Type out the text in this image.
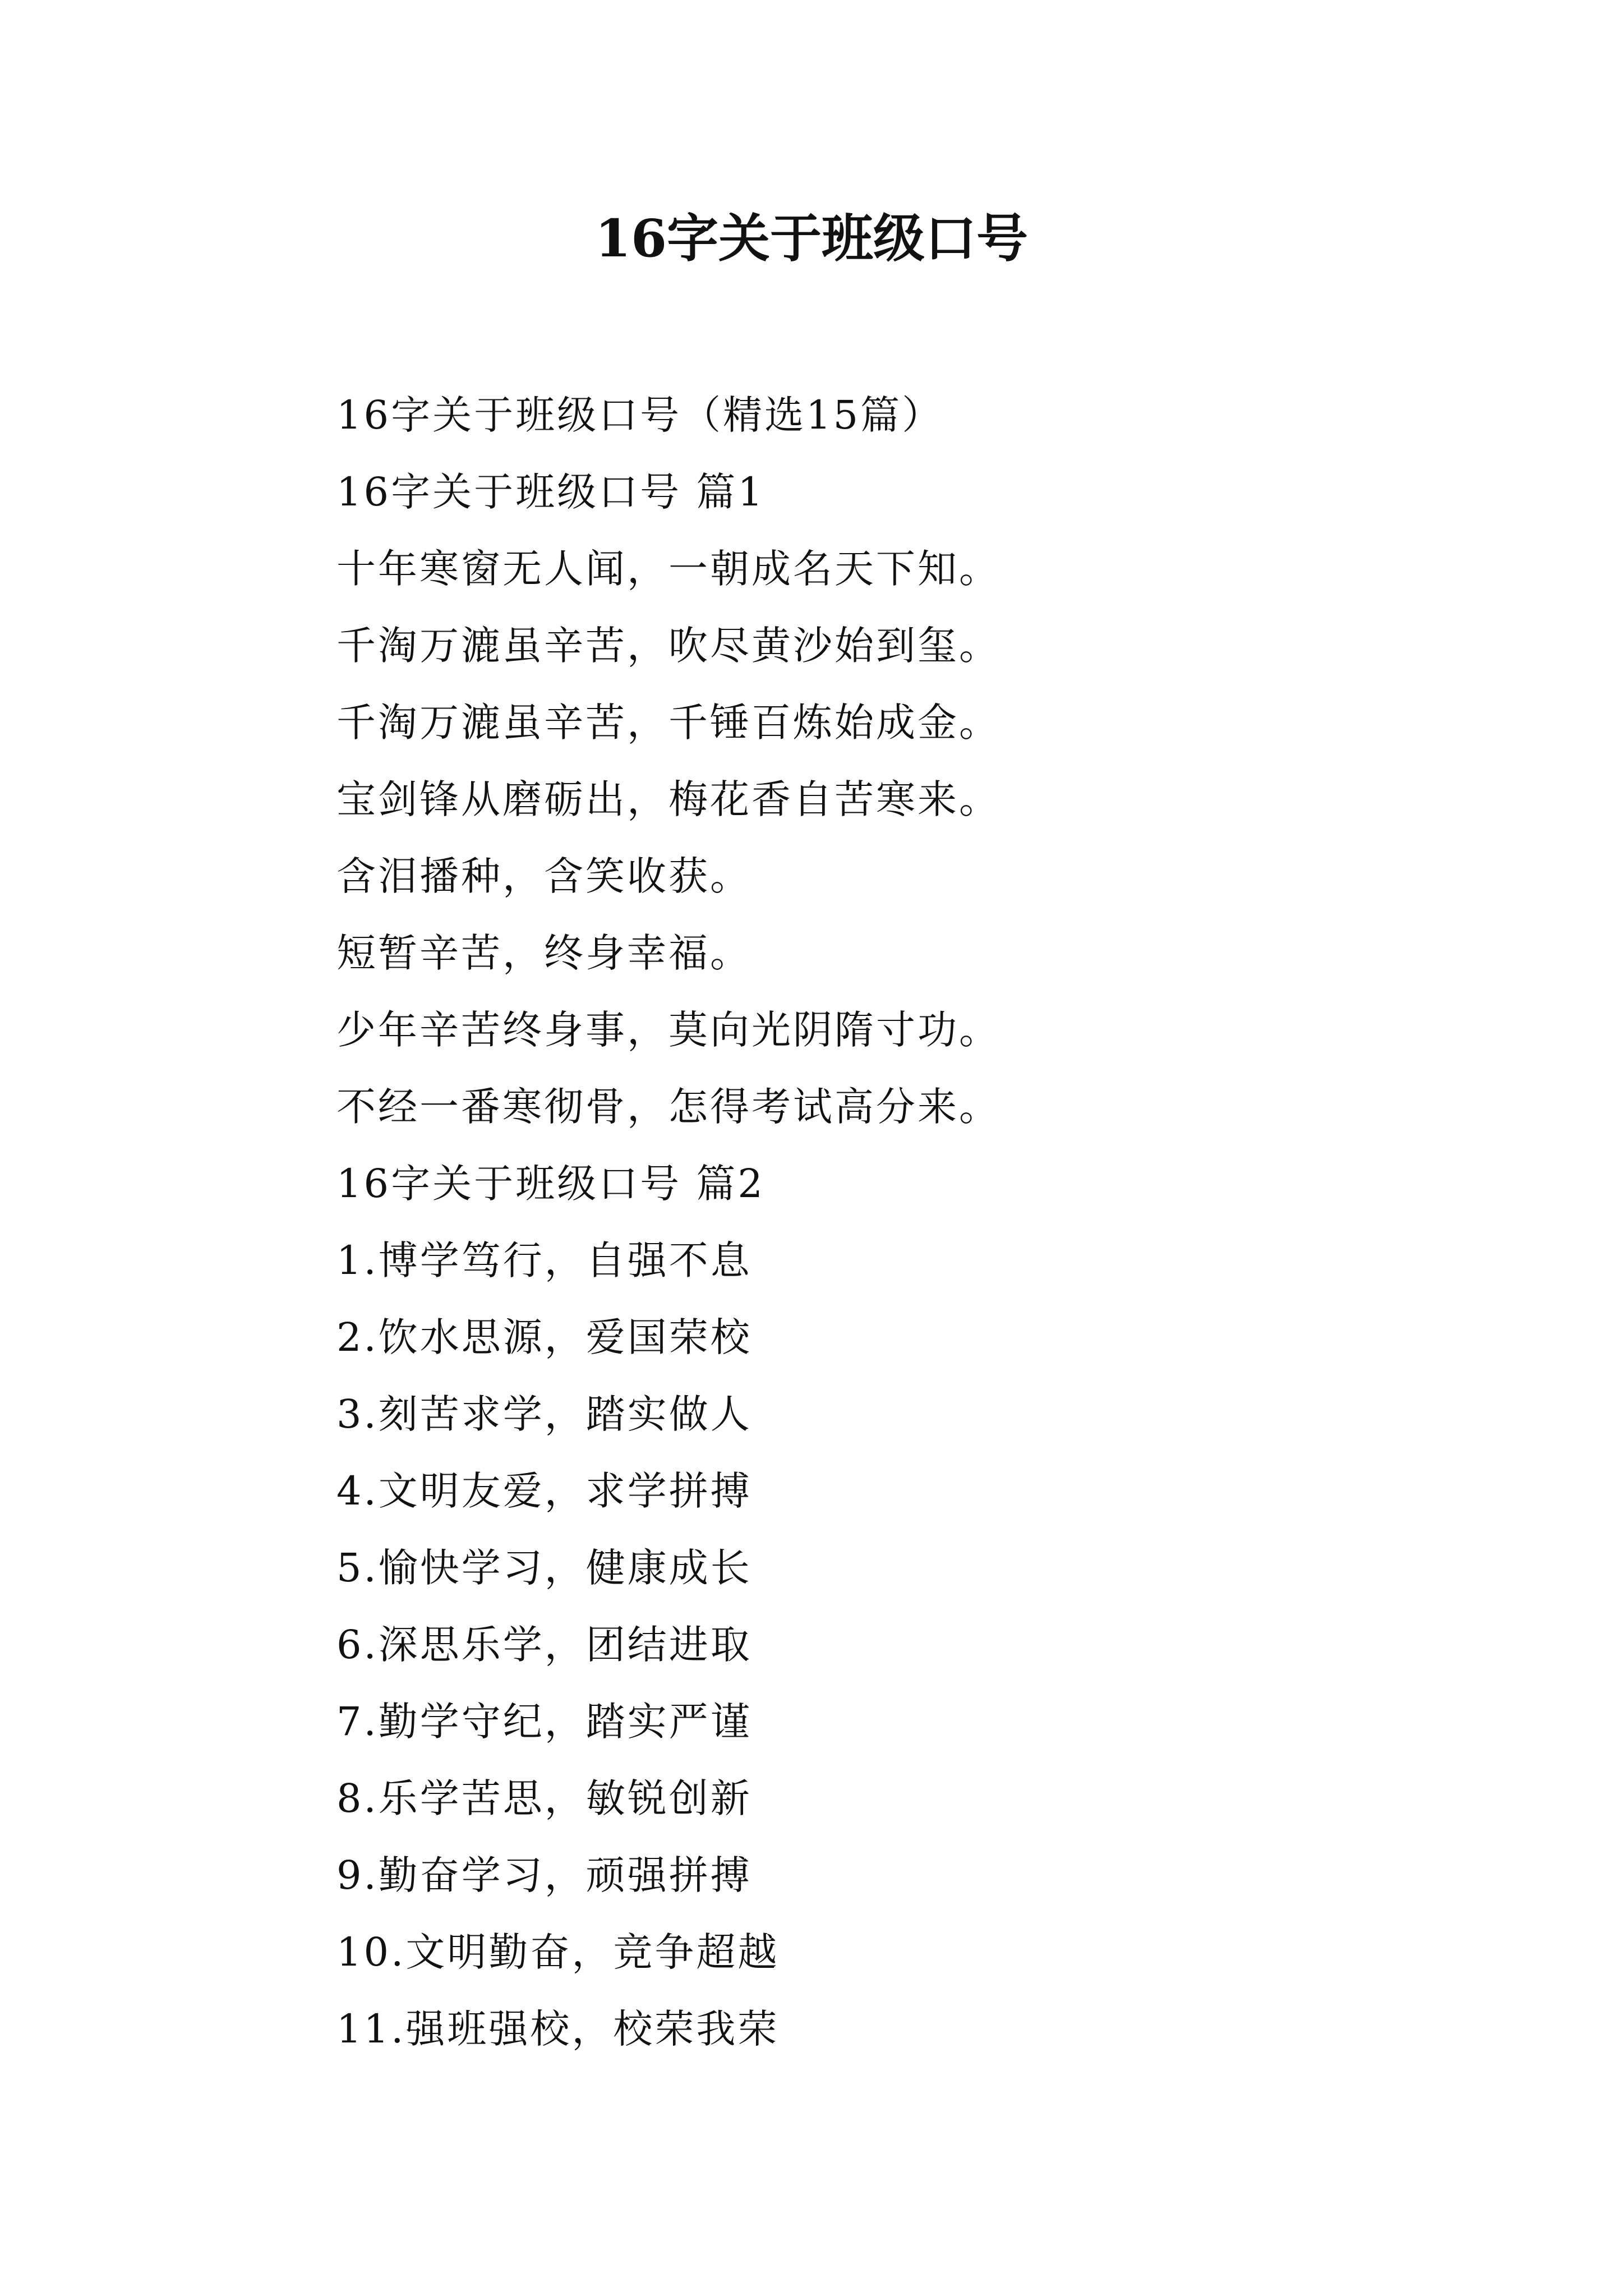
16字关于班级口号
16字关于班级口号（精选15篇）
16字关于班级口号 篇1
十年寒窗无人闻，一朝成名天下知。
千淘万漉虽辛苦，吹尽黄沙始到玺。
千淘万漉虽辛苦，千锤百炼始成金。
宝剑锋从磨砺出，梅花香自苦寒来。
含泪播种，含笑收获。
短暂辛苦，终身幸福。
少年辛苦终身事，莫向光阴隋寸功。
不经一番寒彻骨，怎得考试高分来。
16字关于班级口号 篇2
1.博学笃行，自强不息
2.饮水思源，爱国荣校
3.刻苦求学，踏实做人
4.文明友爱，求学拼搏
5.愉快学习，健康成长
6.深思乐学，团结进取
7.勤学守纪，踏实严谨
8.乐学苦思，敏锐创新
9.勤奋学习，顽强拼搏
10.文明勤奋，竞争超越
11.强班强校，校荣我荣
